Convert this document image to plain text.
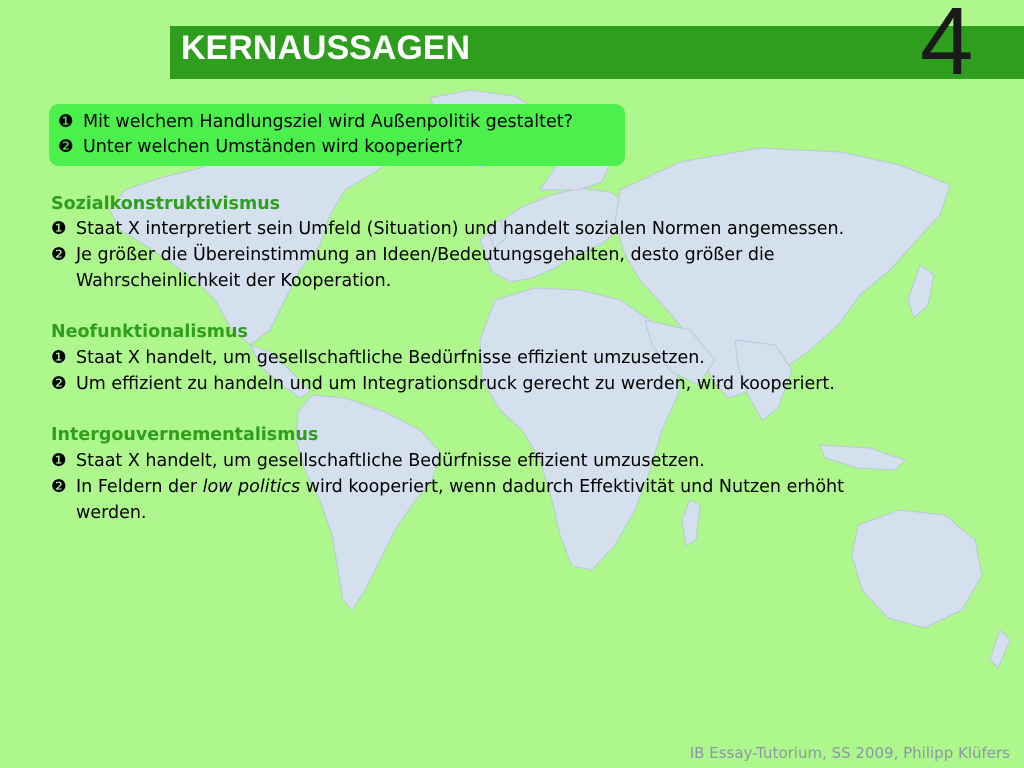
KERNAUSSAGEN	4
❶ Mit welchem Handlungsziel wird Außenpolitik gestaltet?
❷ Unter welchen Umständen wird kooperiert?
Sozialkonstruktivismus
❶ Staat X interpretiert sein Umfeld (Situation) und handelt sozialen Normen angemessen.
❷ Je größer die Übereinstimmung an Ideen/Bedeutungsgehalten, desto größer die
Wahrscheinlichkeit der Kooperation.
Neofunktionalismus
❶ Staat X handelt, um gesellschaftliche Bedürfnisse effizient umzusetzen.
❷ Um effizient zu handeln und um Integrationsdruck gerecht zu werden, wird kooperiert.
Intergouvernementalismus
❶ Staat X handelt, um gesellschaftliche Bedürfnisse effizient umzusetzen.
❷ In Feldern der low politics wird kooperiert, wenn dadurch Effektivität und Nutzen erhöht
werden.
IB Essay-Tutorium, SS 2009, Philipp Klüfers
